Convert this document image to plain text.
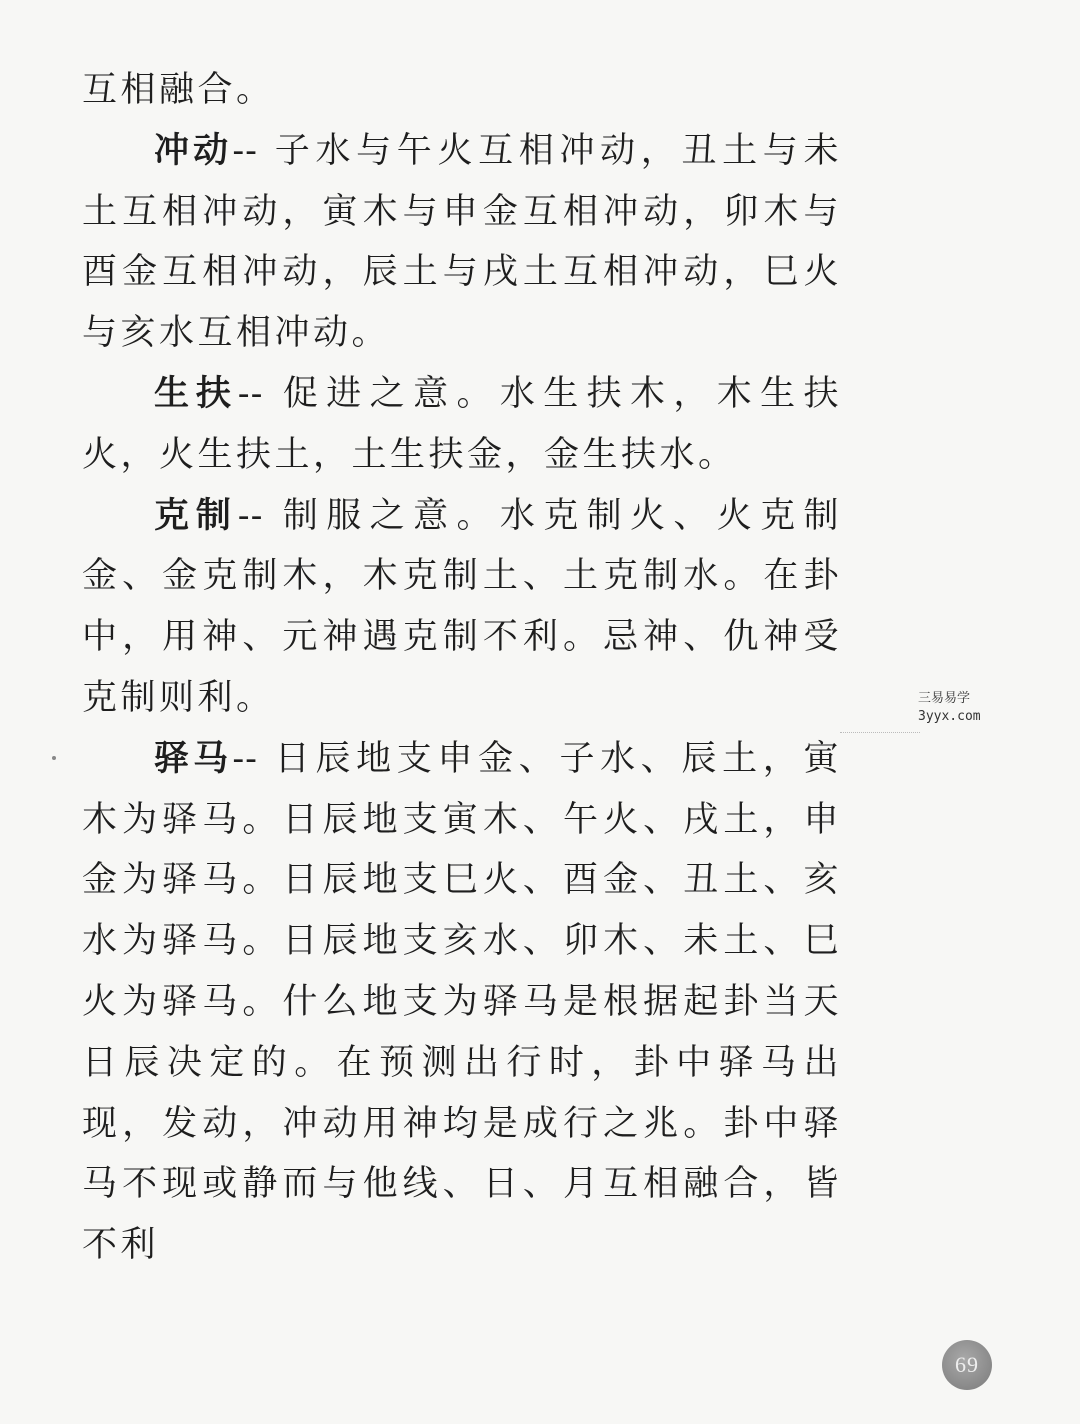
互相融合。

冲动-- 子水与午火互相冲动，丑土与未土互相冲动，寅木与申金互相冲动，卯木与酉金互相冲动，辰土与戌土互相冲动，巳火与亥水互相冲动。

生扶-- 促进之意。水生扶木，木生扶火，火生扶土，土生扶金，金生扶水。

克制-- 制服之意。水克制火、火克制金、金克制木，木克制土、土克制水。在卦中，用神、元神遇克制不利。忌神、仇神受克制则利。

驿马-- 日辰地支申金、子水、辰土，寅木为驿马。日辰地支寅木、午火、戌土，申金为驿马。日辰地支巳火、酉金、丑土、亥水为驿马。日辰地支亥水、卯木、未土、巳火为驿马。什么地支为驿马是根据起卦当天日辰决定的。在预测出行时，卦中驿马出现，发动，冲动用神均是成行之兆。卦中驿马不现或静而与他线、日、月互相融合，皆不利

三易易学
3yyx.com
69
